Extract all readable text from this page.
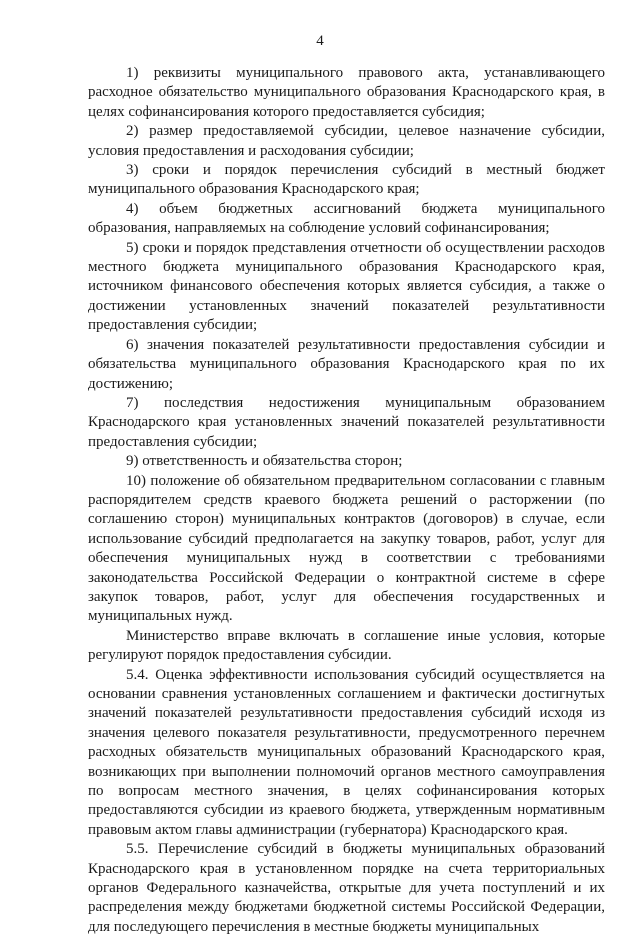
4

1) реквизиты муниципального правового акта, устанавливающего расходное обязательство муниципального образования Краснодарского края, в целях софинансирования которого предоставляется субсидия;

2) размер предоставляемой субсидии, целевое назначение субсидии, условия предоставления и расходования субсидии;

3) сроки и порядок перечисления субсидий в местный бюджет муниципального образования Краснодарского края;

4) объем бюджетных ассигнований бюджета муниципального образования, направляемых на соблюдение условий софинансирования;

5) сроки и порядок представления отчетности об осуществлении расходов местного бюджета муниципального образования Краснодарского края, источником финансового обеспечения которых является субсидия, а также о достижении установленных значений показателей результативности предоставления субсидии;

6) значения показателей результативности предоставления субсидии и обязательства муниципального образования Краснодарского края по их достижению;

7) последствия недостижения муниципальным образованием Краснодарского края установленных значений показателей результативности предоставления субсидии;

9) ответственность и обязательства сторон;

10) положение об обязательном предварительном согласовании с главным распорядителем средств краевого бюджета решений о расторжении (по соглашению сторон) муниципальных контрактов (договоров) в случае, если использование субсидий предполагается на закупку товаров, работ, услуг для обеспечения муниципальных нужд в соответствии с требованиями законодательства Российской Федерации о контрактной системе в сфере закупок товаров, работ, услуг для обеспечения государственных и муниципальных нужд.

Министерство вправе включать в соглашение иные условия, которые регулируют порядок предоставления субсидии.

5.4. Оценка эффективности использования субсидий осуществляется на основании сравнения установленных соглашением и фактически достигнутых значений показателей результативности предоставления субсидий исходя из значения целевого показателя результативности, предусмотренного перечнем расходных обязательств муниципальных образований Краснодарского края, возникающих при выполнении полномочий органов местного самоуправления по вопросам местного значения, в целях софинансирования которых предоставляются субсидии из краевого бюджета, утвержденным нормативным правовым актом главы администрации (губернатора) Краснодарского края.

5.5. Перечисление субсидий в бюджеты муниципальных образований Краснодарского края в установленном порядке на счета территориальных органов Федерального казначейства, открытые для учета поступлений и их распределения между бюджетами бюджетной системы Российской Федерации, для последующего перечисления в местные бюджеты муниципальных
